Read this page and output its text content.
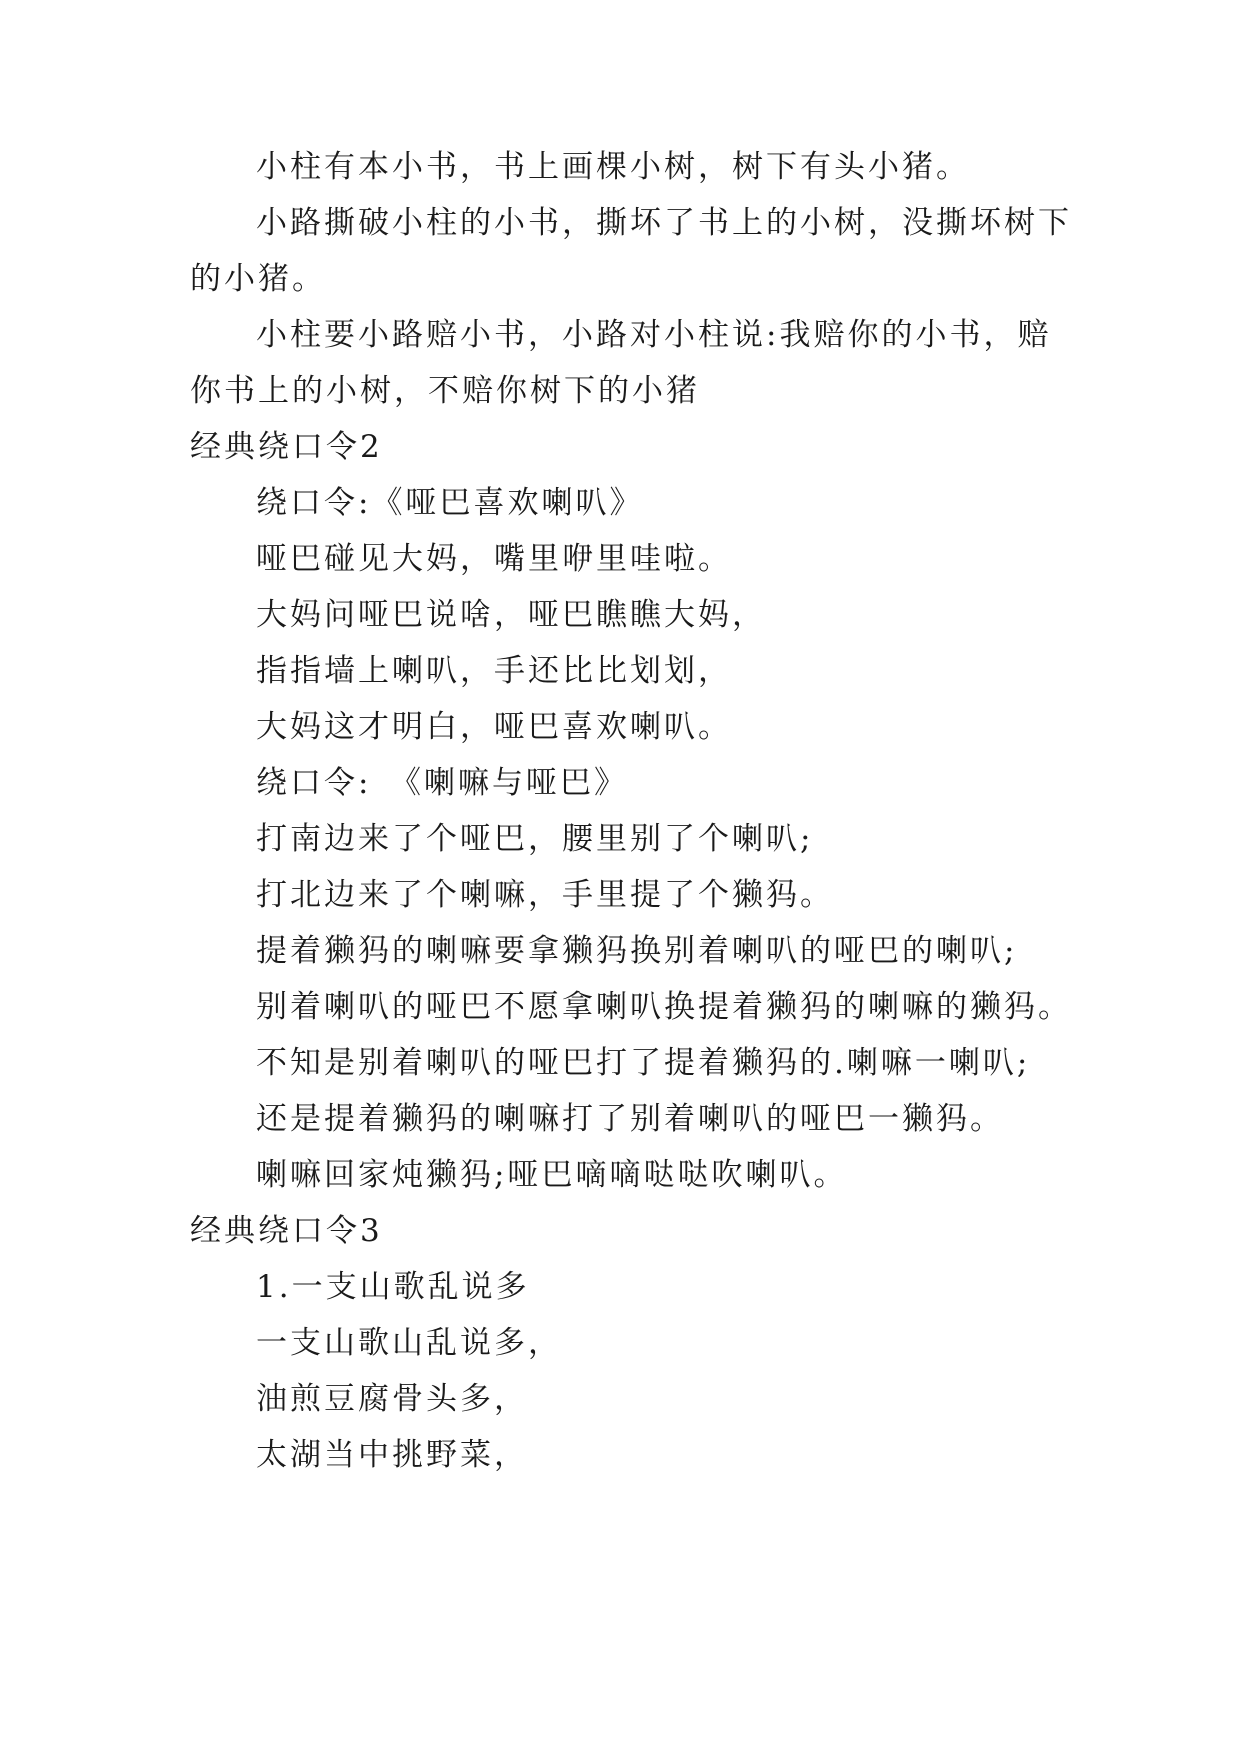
小柱有本小书，书上画棵小树，树下有头小猪。
小路撕破小柱的小书，撕坏了书上的小树，没撕坏树下
的小猪。
小柱要小路赔小书，小路对小柱说:我赔你的小书，赔
你书上的小树，不赔你树下的小猪
经典绕口令2
绕口令:《哑巴喜欢喇叭》
哑巴碰见大妈，嘴里咿里哇啦。
大妈问哑巴说啥，哑巴瞧瞧大妈，
指指墙上喇叭，手还比比划划，
大妈这才明白，哑巴喜欢喇叭。
绕口令:　《喇嘛与哑巴》
打南边来了个哑巴，腰里别了个喇叭;
打北边来了个喇嘛，手里提了个獭犸。
提着獭犸的喇嘛要拿獭犸换别着喇叭的哑巴的喇叭;
别着喇叭的哑巴不愿拿喇叭换提着獭犸的喇嘛的獭犸。
不知是别着喇叭的哑巴打了提着獭犸的.喇嘛一喇叭;
还是提着獭犸的喇嘛打了别着喇叭的哑巴一獭犸。
喇嘛回家炖獭犸;哑巴嘀嘀哒哒吹喇叭。
经典绕口令3
1.一支山歌乱说多
一支山歌山乱说多，
油煎豆腐骨头多，
太湖当中挑野菜，
